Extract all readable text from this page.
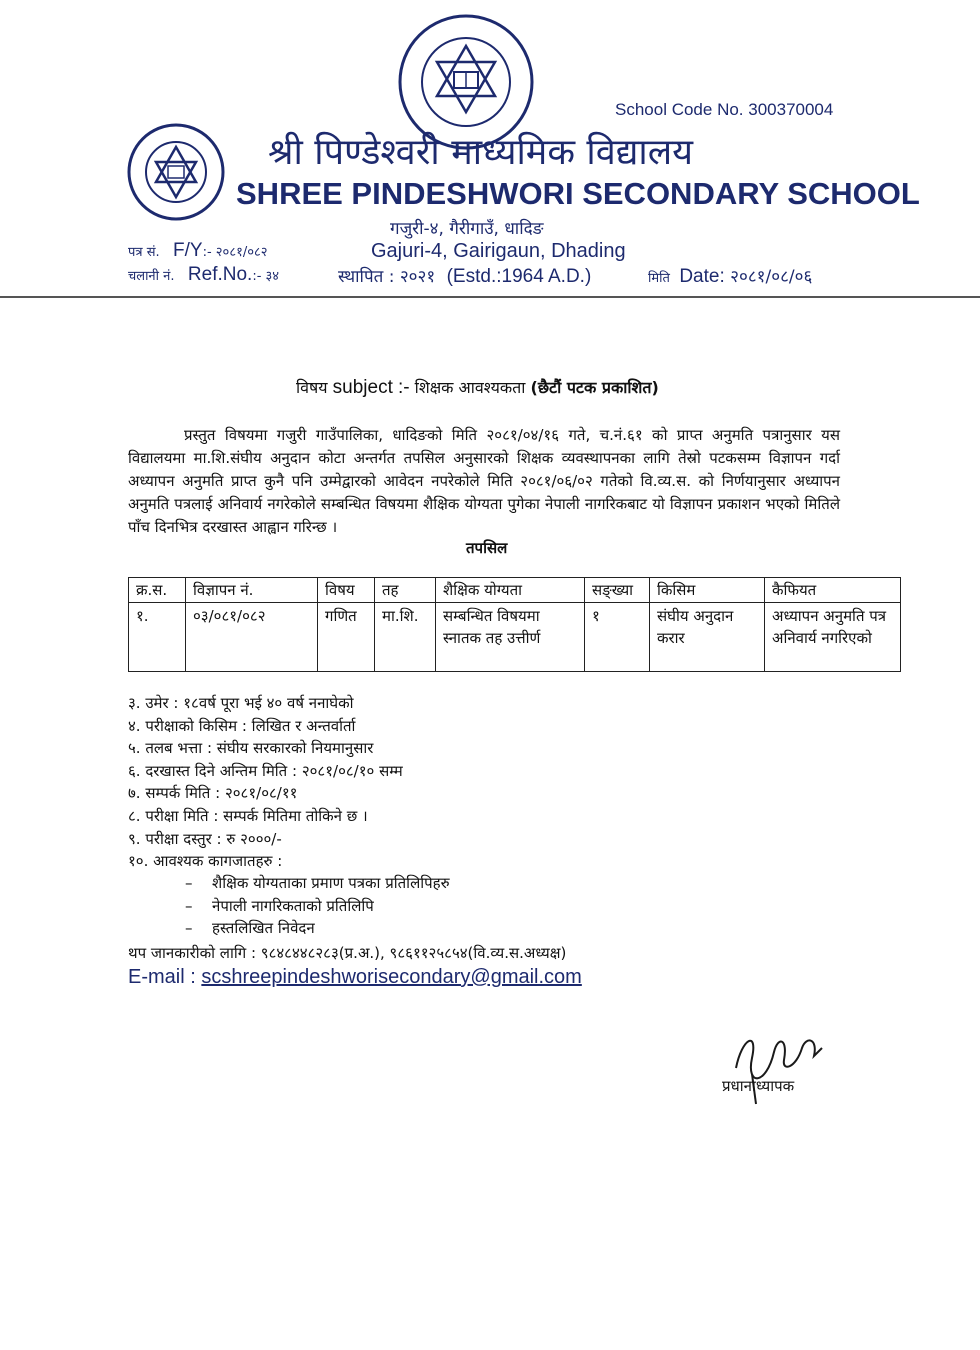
School Code No. 300370004
श्री पिण्डेश्वरी माध्यमिक विद्यालय
SHREE PINDESHWORI SECONDARY SCHOOL
गजुरी-४, गैरीगाउँ, धादिङ
Gajuri-4, Gairigaun, Dhading
पत्र सं. F/Y:- २०८१/०८२
चलानी नं. Ref.No.:- ३४	स्थापित : २०२१ (Estd.:1964 A.D.)	मिति Date: २०८१/०८/०६
विषय subject :- शिक्षक आवश्यकता (छैटौं पटक प्रकाशित)
प्रस्तुत विषयमा गजुरी गाउँपालिका, धादिङको मिति २०८१/०४/१६ गते, च.नं.६१ को प्राप्त अनुमति पत्रानुसार यस विद्यालयमा मा.शि.संघीय अनुदान कोटा अन्तर्गत तपसिल अनुसारको शिक्षक व्यवस्थापनका लागि तेस्रो पटकसम्म विज्ञापन गर्दा अध्यापन अनुमति प्राप्त कुनै पनि उम्मेद्वारको आवेदन नपरेकोले मिति २०८१/०६/०२ गतेको वि.व्य.स. को निर्णयानुसार अध्यापन अनुमति पत्रलाई अनिवार्य नगरेकोले सम्बन्धित विषयमा शैक्षिक योग्यता पुगेका नेपाली नागरिकबाट यो विज्ञापन प्रकाशन भएको मितिले पाँच दिनभित्र दरखास्त आह्वान गरिन्छ ।
तपसिल
क्र.स.	विज्ञापन नं.	विषय	तह	शैक्षिक योग्यता	सङ्ख्या	किसिम	कैफियत
१.	०३/०८१/०८२	गणित	मा.शि.	सम्बन्धित विषयमा स्नातक तह उत्तीर्ण	१	संघीय अनुदान करार	अध्यापन अनुमति पत्र अनिवार्य नगरिएको
३. उमेर : १८वर्ष पूरा भई ४० वर्ष ननाघेको
४. परीक्षाको किसिम : लिखित र अन्तर्वार्ता
५. तलब भत्ता : संघीय सरकारको नियमानुसार
६. दरखास्त दिने अन्तिम मिति : २०८१/०८/१० सम्म
७. सम्पर्क मिति : २०८१/०८/११
८. परीक्षा मिति : सम्पर्क मितिमा तोकिने छ ।
९. परीक्षा दस्तुर : रु २०००/-
१०. आवश्यक कागजातहरु :
– शैक्षिक योग्यताका प्रमाण पत्रका प्रतिलिपिहरु
– नेपाली नागरिकताको प्रतिलिपि
– हस्तलिखित निवेदन
थप जानकारीको लागि : ९८४८४४८२८३(प्र.अ.), ९८६११२५८५४(वि.व्य.स.अध्यक्ष)
E-mail : scshreepindeshworisecondary@gmail.com
प्रधानाध्यापक
